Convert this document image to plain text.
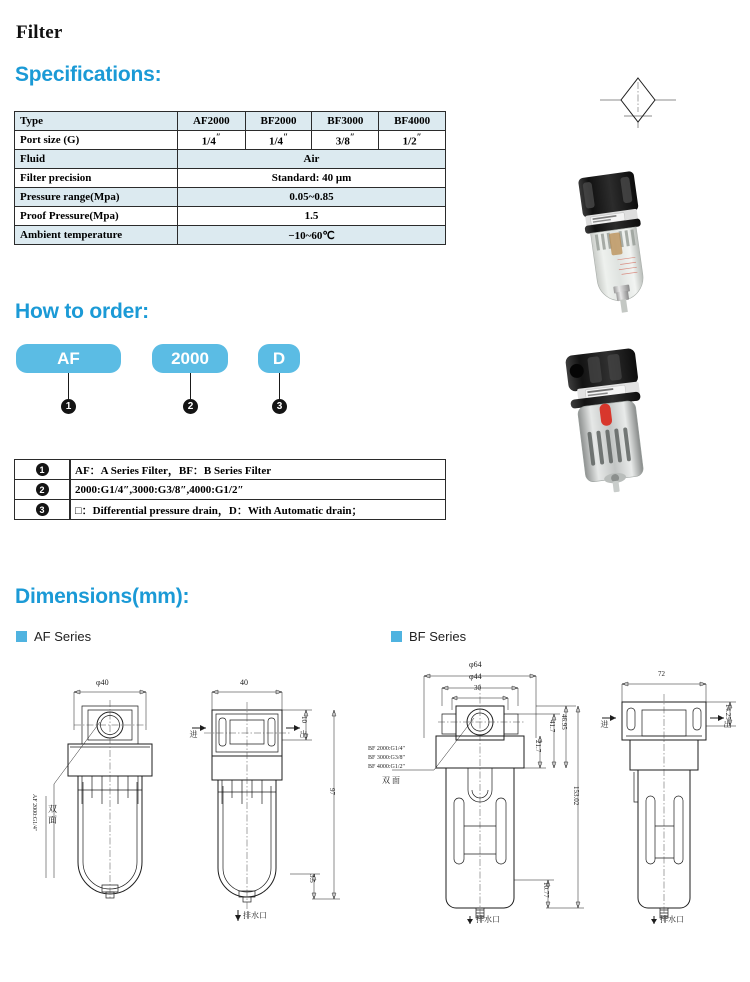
Filter
Specifications:
How to order:
Dimensions(mm):
Type	AF2000	BF2000	BF3000	BF4000
Port size (G)	1/4″	1/4″	3/8″	1/2″
Fluid	Air			
Filter precision	Standard: 40 μm			
Pressure range(Mpa)	0.05~0.85			
Proof Pressure(Mpa)	1.5			
Ambient temperature	−10~60℃			
AF	2000	D
1	2	3
1	AF：A Series Filter，BF：B Series Filter
2	2000:G1/4″,3000:G3/8″,4000:G1/2″
3	□：Differential pressure drain，D：With Automatic drain；
AF Series	BF Series
φ40
AF 2000:G1/4″ 双 面
40
10
97
3.5
进	出
排水口
φ64
φ44
30
21.7
41.7 46.95
153.02
10.77
BF 2000:G1/4″
BF 3000:G3/8″
BF 4000:G1/2″
双 面
排水口
72
14.25
进	出
排水口
